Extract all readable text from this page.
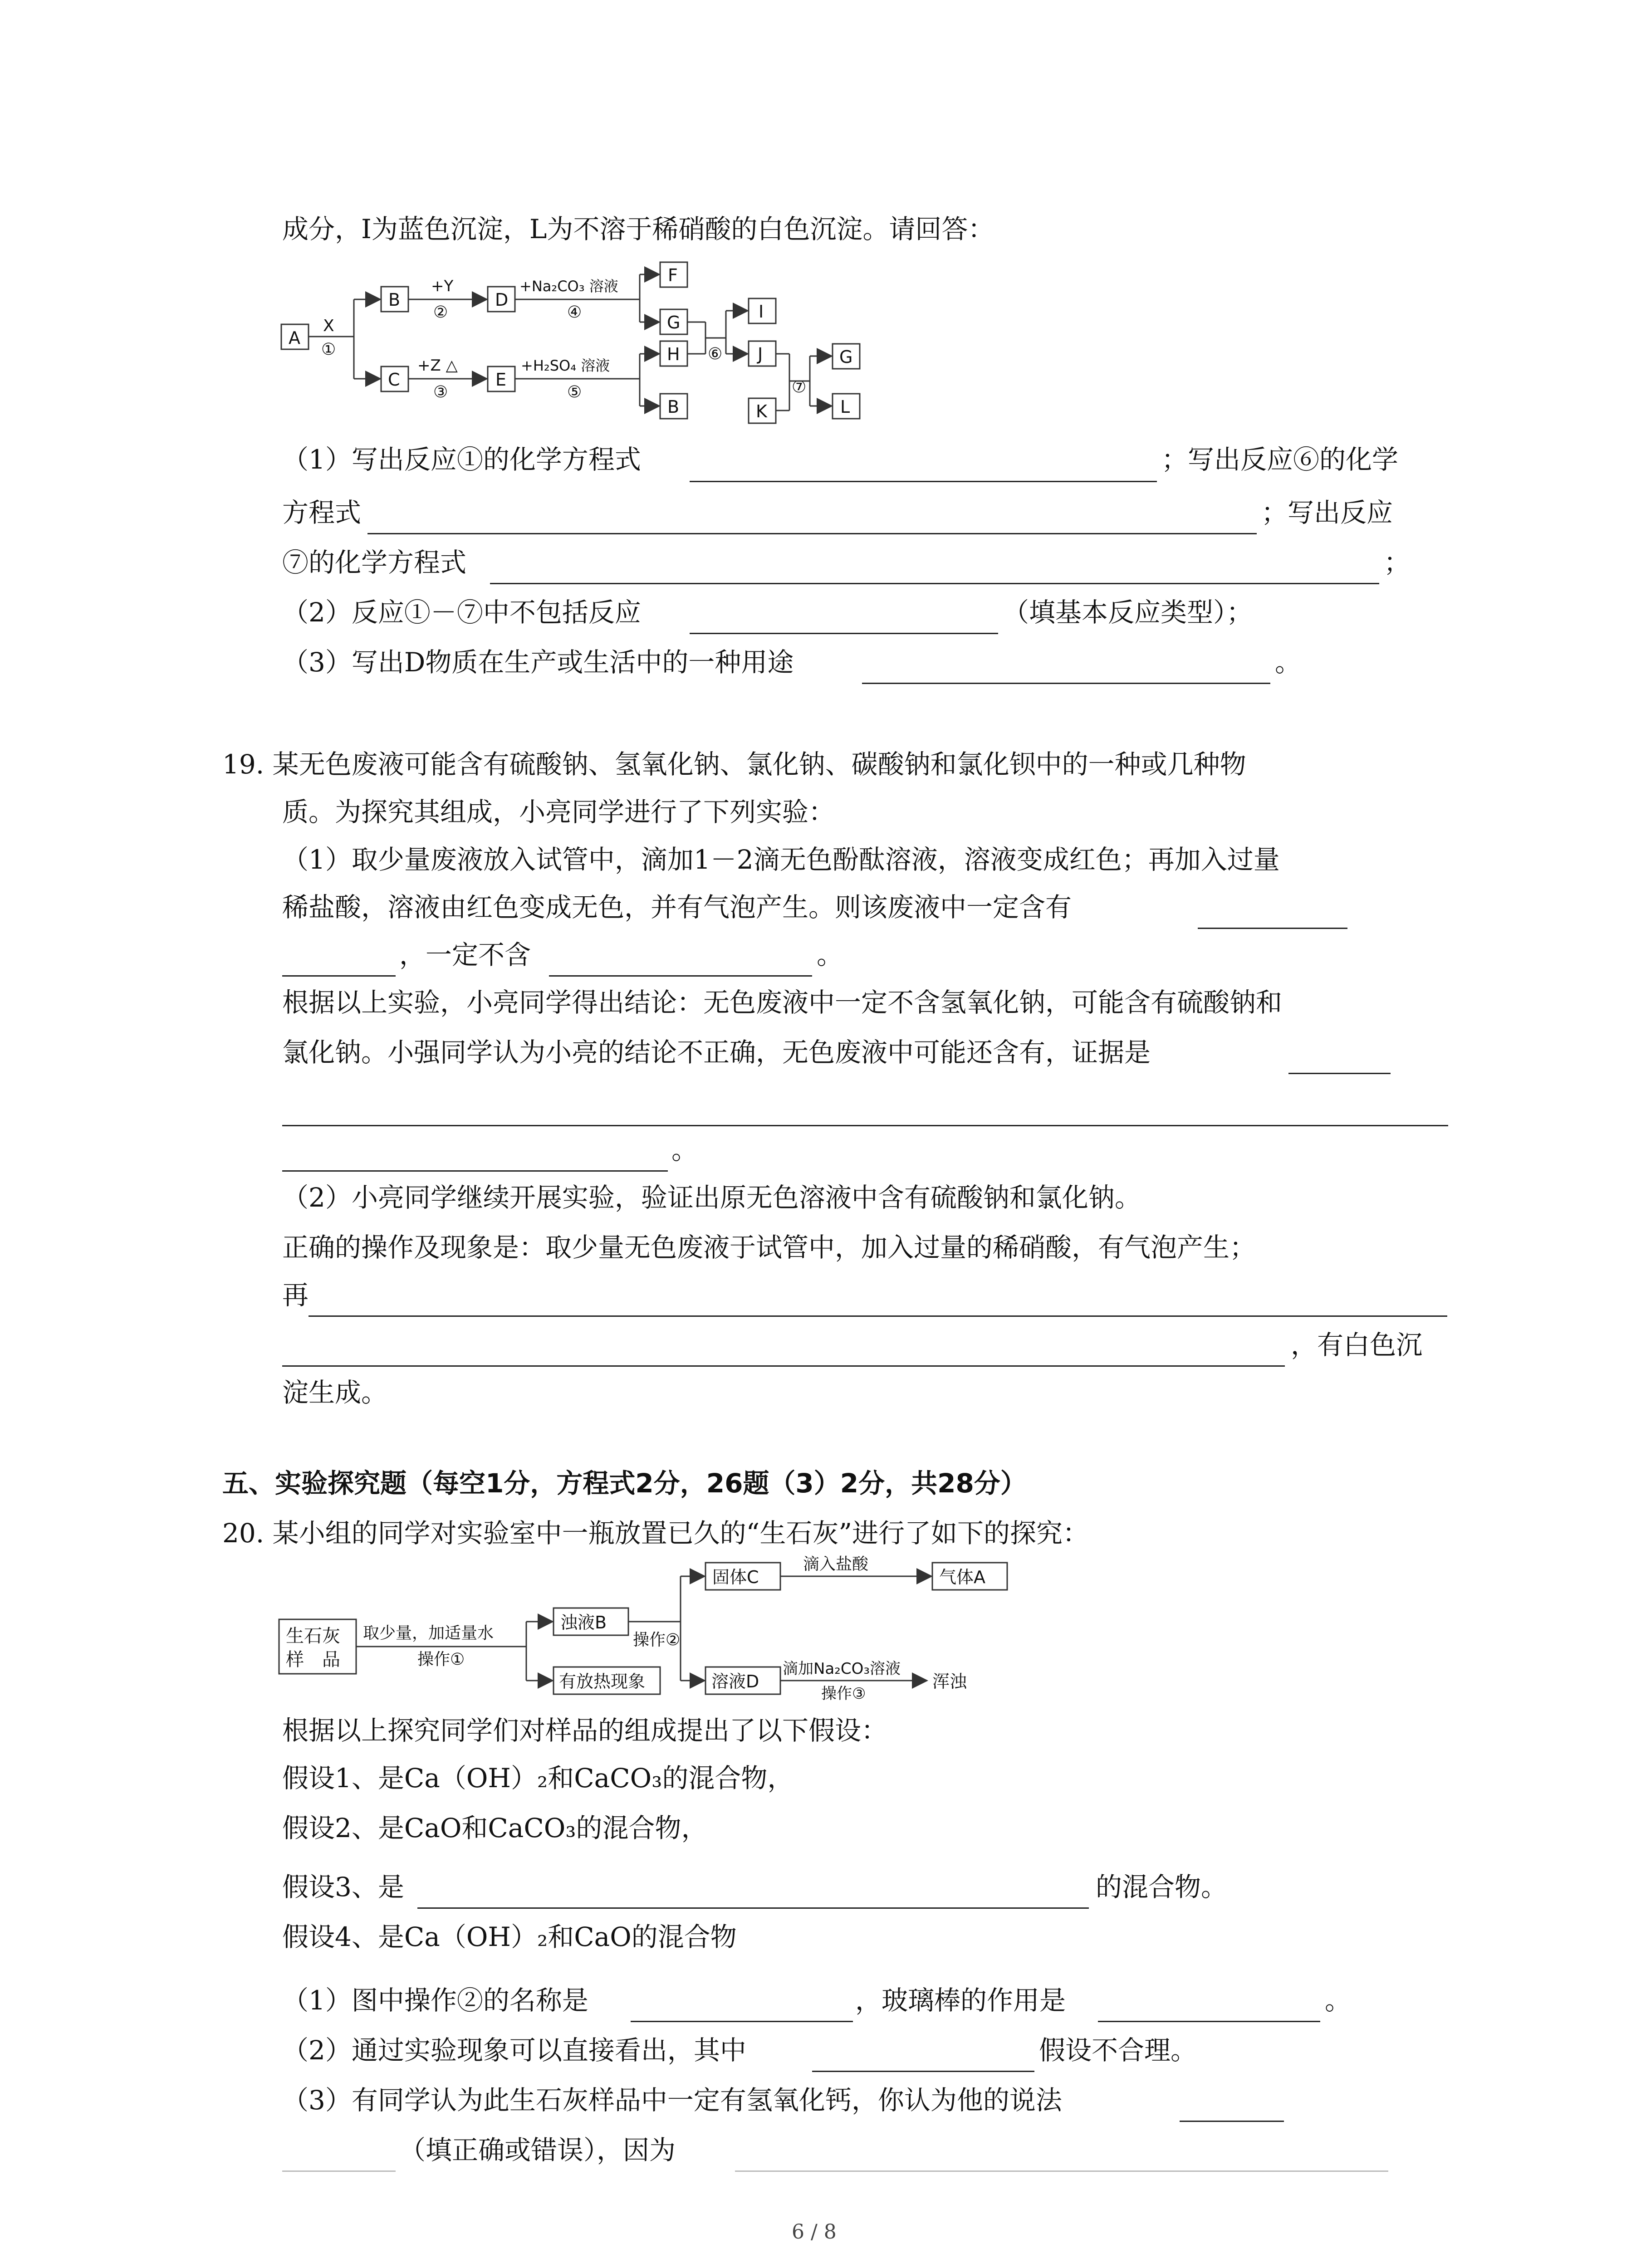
成分，I为蓝色沉淀，L为不溶于稀硝酸的白色沉淀。请回答：
A
X
①
B
+Y
②
D
+Na₂CO₃ 溶液
④
F
G
H
C
+Z △
③
E
+H₂SO₄ 溶液
⑤
B
⑥
I
J
K
⑦
G
L
（1）写出反应①的化学方程式	；写出反应⑥的化学
方程式	；写出反应
⑦的化学方程式	；
（2）反应①－⑦中不包括反应	（填基本反应类型）；
（3）写出D物质在生产或生活中的一种用途	。
19. 某无色废液可能含有硫酸钠、氢氧化钠、氯化钠、碳酸钠和氯化钡中的一种或几种物
质。为探究其组成，小亮同学进行了下列实验：
（1）取少量废液放入试管中，滴加1－2滴无色酚酞溶液，溶液变成红色；再加入过量
稀盐酸，溶液由红色变成无色，并有气泡产生。则该废液中一定含有
，一定不含	。
根据以上实验，小亮同学得出结论：无色废液中一定不含氢氧化钠，可能含有硫酸钠和
氯化钠。小强同学认为小亮的结论不正确，无色废液中可能还含有，证据是
。
（2）小亮同学继续开展实验，验证出原无色溶液中含有硫酸钠和氯化钠。
正确的操作及现象是：取少量无色废液于试管中，加入过量的稀硝酸，有气泡产生；
再
，有白色沉
淀生成。
五、实验探究题（每空1分，方程式2分，26题（3）2分，共28分）
20. 某小组的同学对实验室中一瓶放置已久的“生石灰”进行了如下的探究：
生石灰
样　品
取少量，加适量水
操作①
浊液B
有放热现象
操作②
固体C
滴入盐酸
气体A
溶液D
滴加Na₂CO₃溶液
操作③
浑浊
根据以上探究同学们对样品的组成提出了以下假设：
假设1、是Ca（OH）₂和CaCO₃的混合物，
假设2、是CaO和CaCO₃的混合物，
假设3、是	的混合物。
假设4、是Ca（OH）₂和CaO的混合物
（1）图中操作②的名称是	，玻璃棒的作用是	。
（2）通过实验现象可以直接看出，其中	假设不合理。
（3）有同学认为此生石灰样品中一定有氢氧化钙，你认为他的说法
（填正确或错误），因为
6 / 8
